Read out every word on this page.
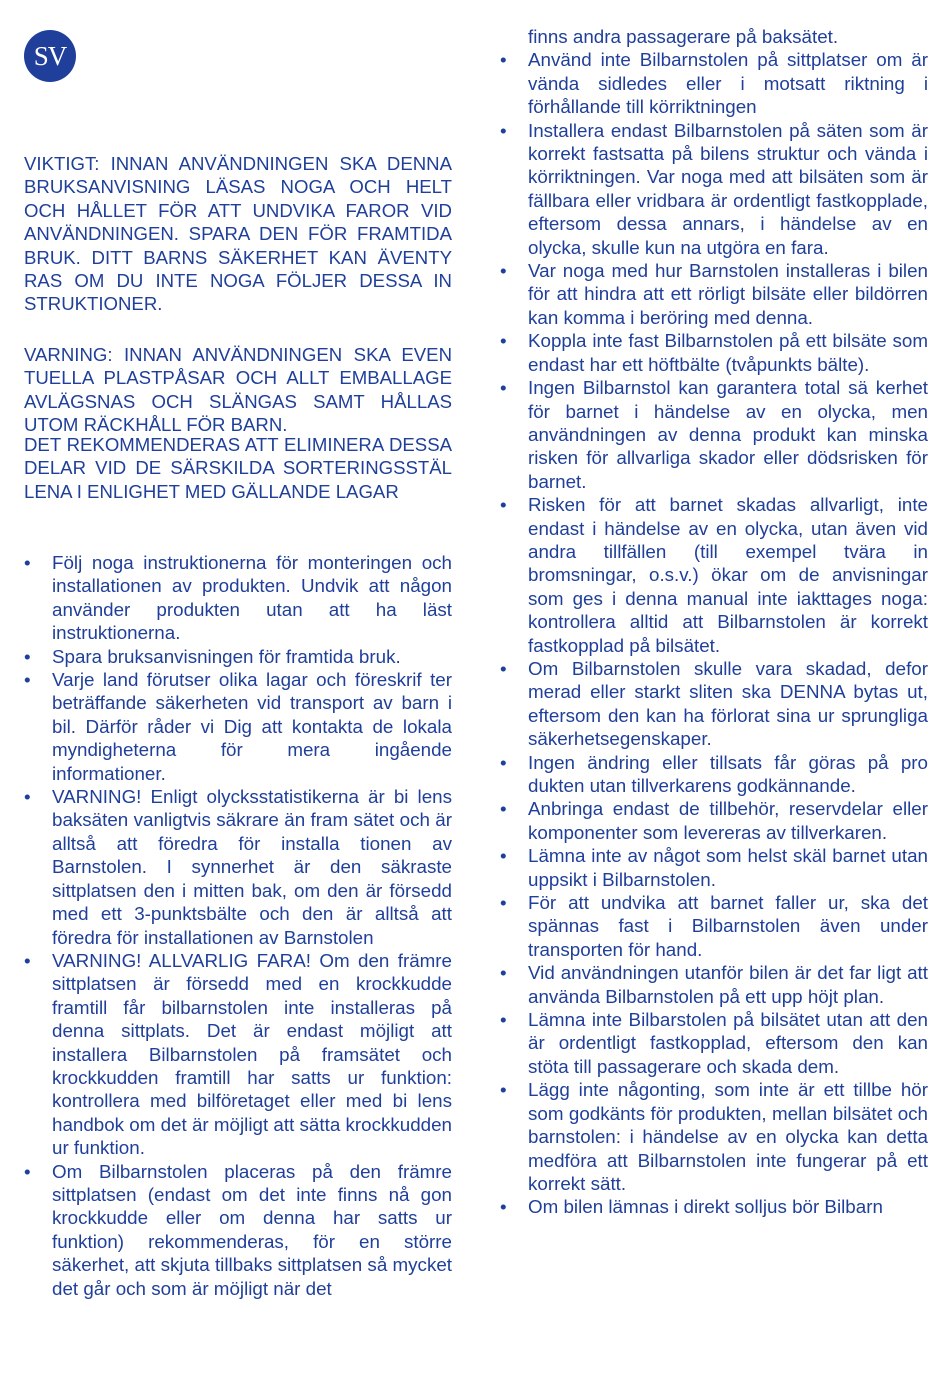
SV

VIKTIGT: INNAN ANVÄNDNINGEN SKA DENNA BRUKSANVISNING LÄSAS NOGA OCH HELT OCH HÅLLET FÖR ATT UNDVIKA FAROR VID ANVÄNDNINGEN. SPARA DEN FÖR FRAMTIDA BRUK. DITT BARNS SÄKERHET KAN ÄVENTY RAS OM DU INTE NOGA FÖLJER DESSA IN STRUKTIONER.

VARNING: INNAN ANVÄNDNINGEN SKA EVEN TUELLA PLASTPÅSAR OCH ALLT EMBALLAGE AVLÄGSNAS OCH SLÄNGAS SAMT HÅLLAS UTOM RÄCKHÅLL FÖR BARN.

DET REKOMMENDERAS ATT ELIMINERA DESSA DELAR VID DE SÄRSKILDA SORTERINGSSTÄL LENA I ENLIGHET MED GÄLLANDE LAGAR

•	Följ noga instruktionerna för monteringen och installationen av produkten. Undvik att någon använder produkten utan att ha läst instruktionerna.
•	Spara bruksanvisningen för framtida bruk.
•	Varje land förutser olika lagar och föreskrif ter beträffande säkerheten vid transport av barn i bil. Därför råder vi Dig att kontakta de lokala myndigheterna för mera ingående informationer.
•	VARNING! Enligt olycksstatistikerna är bi lens baksäten vanligtvis säkrare än fram sätet och är alltså att föredra för installa tionen av Barnstolen. I synnerhet är den säkraste sittplatsen den i mitten bak, om den är försedd med ett 3-punktsbälte och den är alltså att föredra för installationen av Barnstolen
•	VARNING! ALLVARLIG FARA! Om den främre sittplatsen är försedd med en krockkudde framtill får bilbarnstolen inte installeras på denna sittplats. Det är endast möjligt att installera Bilbarnstolen på framsätet och krockkudden framtill har satts ur funktion: kontrollera med bilföretaget eller med bi lens handbok om det är möjligt att sätta krockkudden ur funktion.
•	Om Bilbarnstolen placeras på den främre sittplatsen (endast om det inte finns nå gon krockkudde eller om denna har satts ur funktion) rekommenderas, för en större säkerhet, att skjuta tillbaks sittplatsen så mycket det går och som är möjligt när det
finns andra passagerare på baksätet.
•	Använd inte Bilbarnstolen på sittplatser om är vända sidledes eller i motsatt riktning i förhållande till körriktningen
•	Installera endast Bilbarnstolen på säten som är korrekt fastsatta på bilens struktur och vända i körriktningen. Var noga med att bilsäten som är fällbara eller vridbara är ordentligt fastkopplade, eftersom dessa annars, i händelse av en olycka, skulle kun na utgöra en fara.
•	Var noga med hur Barnstolen installeras i bilen för att hindra att ett rörligt bilsäte eller bildörren kan komma i beröring med denna.
•	Koppla inte fast Bilbarnstolen på ett bilsäte som endast har ett höftbälte (tvåpunkts bälte).
•	Ingen Bilbarnstol kan garantera total sä kerhet för barnet i händelse av en olycka, men användningen av denna produkt kan minska risken för allvarliga skador eller dödsrisken för barnet.
•	Risken för att barnet skadas allvarligt, inte endast i händelse av en olycka, utan även vid andra tillfällen (till exempel tvära in bromsningar, o.s.v.) ökar om de anvisningar som ges i denna manual inte iakttages noga: kontrollera alltid att Bilbarnstolen är korrekt fastkopplad på bilsätet.
•	Om Bilbarnstolen skulle vara skadad, defor merad eller starkt sliten ska DENNA bytas ut, eftersom den kan ha förlorat sina ur sprungliga säkerhetsegenskaper.
•	Ingen ändring eller tillsats får göras på pro dukten utan tillverkarens godkännande.
•	Anbringa endast de tillbehör, reservdelar eller komponenter som levereras av tillverkaren.
•	Lämna inte av något som helst skäl barnet utan uppsikt i Bilbarnstolen.
•	För att undvika att barnet faller ur, ska det spännas fast i Bilbarnstolen även under transporten för hand.
•	Vid användningen utanför bilen är det far ligt att använda Bilbarnstolen på ett upp höjt plan.
•	Lämna inte Bilbarstolen på bilsätet utan att den är ordentligt fastkopplad, eftersom den kan stöta till passagerare och skada dem.
•	Lägg inte någonting, som inte är ett tillbe hör som godkänts för produkten, mellan bilsätet och barnstolen: i händelse av en olycka kan detta medföra att Bilbarnstolen inte fungerar på ett korrekt sätt.
•	Om bilen lämnas i direkt solljus bör Bilbarn
